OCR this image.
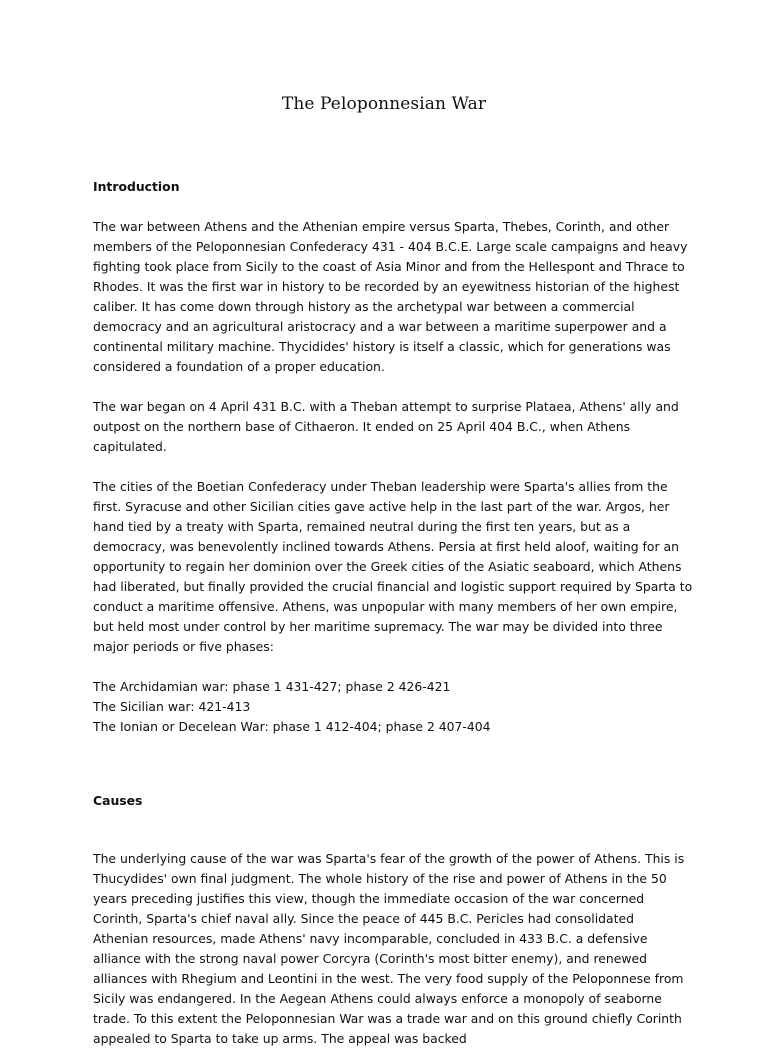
The Peloponnesian War
Introduction

The war between Athens and the Athenian empire versus Sparta, Thebes, Corinth, and other members of the Peloponnesian Confederacy 431 - 404 B.C.E. Large scale campaigns and heavy fighting took place from Sicily to the coast of Asia Minor and from the Hellespont and Thrace to Rhodes. It was the first war in history to be recorded by an eyewitness historian of the highest caliber. It has come down through history as the archetypal war between a commercial democracy and an agricultural aristocracy and a war between a maritime superpower and a continental military machine. Thycidides' history is itself a classic, which for generations was considered a foundation of a proper education.

The war began on 4 April 431 B.C. with a Theban attempt to surprise Plataea, Athens' ally and outpost on the northern base of Cithaeron. It ended on 25 April 404 B.C., when Athens capitulated.

The cities of the Boetian Confederacy under Theban leadership were Sparta's allies from the first. Syracuse and other Sicilian cities gave active help in the last part of the war. Argos, her hand tied by a treaty with Sparta, remained neutral during the first ten years, but as a democracy, was benevolently inclined towards Athens. Persia at first held aloof, waiting for an opportunity to regain her dominion over the Greek cities of the Asiatic seaboard, which Athens had liberated, but finally provided the crucial financial and logistic support required by Sparta to conduct a maritime offensive. Athens, was unpopular with many members of her own empire, but held most under control by her maritime supremacy. The war may be divided into three major periods or five phases:

The Archidamian war: phase 1 431-427; phase 2 426-421

The Sicilian war: 421-413

The Ionian or Decelean War: phase 1 412-404; phase 2 407-404

Causes

The underlying cause of the war was Sparta's fear of the growth of the power of Athens. This is Thucydides' own final judgment. The whole history of the rise and power of Athens in the 50 years preceding justifies this view, though the immediate occasion of the war concerned Corinth, Sparta's chief naval ally. Since the peace of 445 B.C. Pericles had consolidated Athenian resources, made Athens' navy incomparable, concluded in 433 B.C. a defensive alliance with the strong naval power Corcyra (Corinth's most bitter enemy), and renewed alliances with Rhegium and Leontini in the west. The very food supply of the Peloponnese from Sicily was endangered. In the Aegean Athens could always enforce a monopoly of seaborne trade. To this extent the Peloponnesian War was a trade war and on this ground chiefly Corinth appealed to Sparta to take up arms. The appeal was backed
